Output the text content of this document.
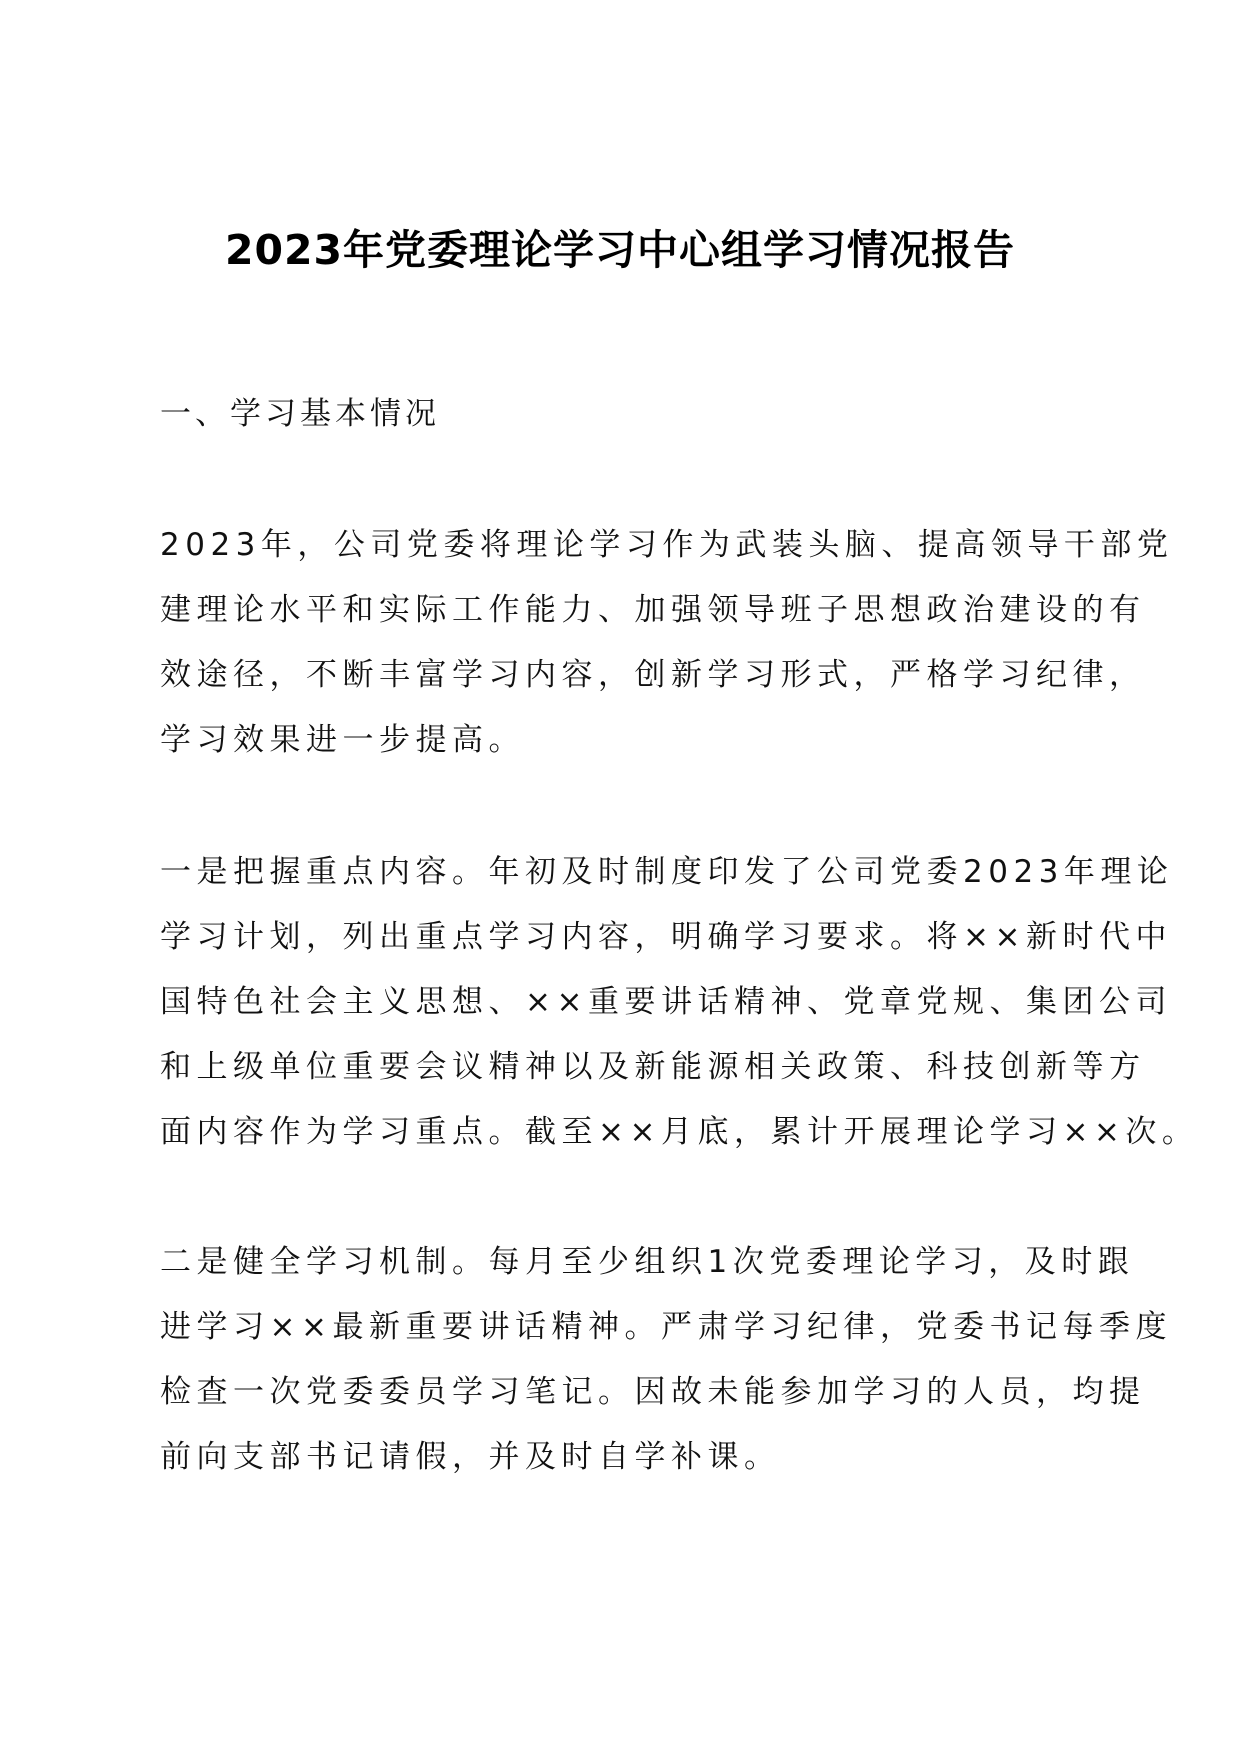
2023年党委理论学习中心组学习情况报告

一、学习基本情况

2023年，公司党委将理论学习作为武装头脑、提高领导干部党
建理论水平和实际工作能力、加强领导班子思想政治建设的有
效途径，不断丰富学习内容，创新学习形式，严格学习纪律，
学习效果进一步提高。

一是把握重点内容。年初及时制度印发了公司党委2023年理论
学习计划，列出重点学习内容，明确学习要求。将××新时代中
国特色社会主义思想、××重要讲话精神、党章党规、集团公司
和上级单位重要会议精神以及新能源相关政策、科技创新等方
面内容作为学习重点。截至××月底，累计开展理论学习××次。

二是健全学习机制。每月至少组织1次党委理论学习，及时跟
进学习××最新重要讲话精神。严肃学习纪律，党委书记每季度
检查一次党委委员学习笔记。因故未能参加学习的人员，均提
前向支部书记请假，并及时自学补课。
